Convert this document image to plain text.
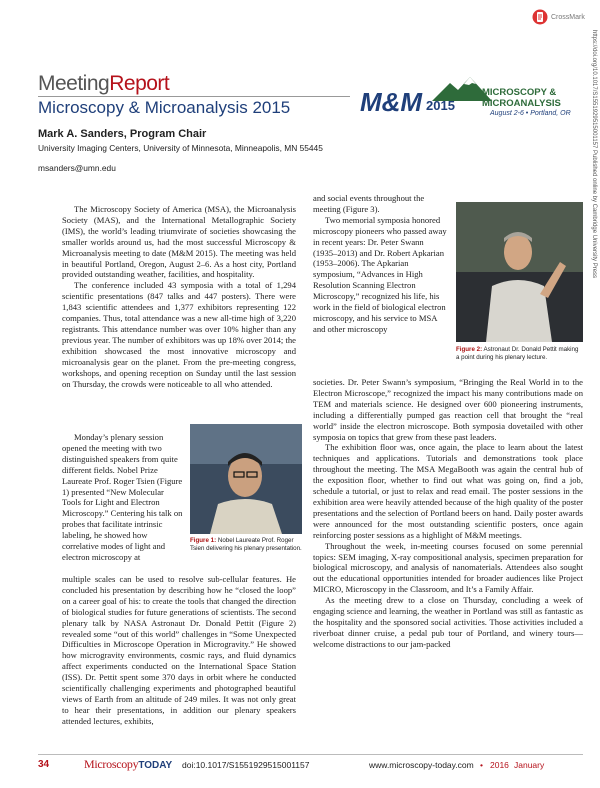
CrossMark
https://doi.org/10.1017/S1551929515001157 Published online by Cambridge University Press
MeetingReport
Microscopy & Microanalysis 2015	M&M 2015
MICROSCOPY &
MICROANALYSIS
August 2-6 • Portland, OR
Mark A. Sanders, Program Chair
University Imaging Centers, University of Minnesota, Minneapolis, MN 55445
msanders@umn.edu

The Microscopy Society of America (MSA), the Microanalysis Society (MAS), and the International Metallographic Society (IMS), the world’s leading triumvirate of societies showcasing the smaller worlds around us, had the most successful Microscopy & Microanalysis meeting to date (M&M 2015). The meeting was held in beautiful Portland, Oregon, August 2–6. As a host city, Portland provided outstanding weather, facilities, and hospitality.

The conference included 43 symposia with a total of 1,294 scientific presentations (847 talks and 447 posters). There were 1,843 scientific attendees and 1,377 exhibitors representing 122 companies. Thus, total attendance was a new all-time high of 3,220 registrants. This attendance number was over 10% higher than any previous year. The number of exhibitors was up 18% over 2014; the exhibition showcased the most innovative microscopy and microanalysis gear on the planet. From the pre-meeting congress, workshops, and opening reception on Sunday until the last session on Thursday, the crowds were noticeable to all who attended.

Monday’s plenary session opened the meeting with two distinguished speakers from quite different fields. Nobel Prize Laureate Prof. Roger Tsien (Figure 1) presented “New Molecular Tools for Light and Electron Microscopy.” Centering his talk on probes that facilitate intrinsic labeling, he showed how correlative modes of light and electron microscopy at

Figure 1: Nobel Laureate Prof. Roger Tsien delivering his plenary presentation.

multiple scales can be used to resolve sub-cellular features. He concluded his presentation by describing how he “closed the loop” on a career goal of his: to create the tools that changed the direction of biological studies for future generations of scientists. The second plenary talk by NASA Astronaut Dr. Donald Pettit (Figure 2) revealed some “out of this world” challenges in “Some Unexpected Difficulties in Microscope Operation in Microgravity.” He showed how microgravity environments, cosmic rays, and fluid dynamics affect experiments conducted on the International Space Station (ISS). Dr. Pettit spent some 370 days in orbit where he conducted scientifically challenging experiments and photographed beautiful views of Earth from an altitude of 249 miles. It was not only great to hear their presentations, in addition our plenary speakers attended lectures, exhibits,

and social events throughout the meeting (Figure 3).

Two memorial symposia honored microscopy pioneers who passed away in recent years: Dr. Peter Swann (1935–2013) and Dr. Robert Apkarian (1953–2006). The Apkarian symposium, “Advances in High Resolution Scanning Electron Microscopy,” recognized his life, his work in the field of biological electron microscopy, and his service to MSA and other microscopy

Figure 2: Astronaut Dr. Donald Pettit making a point during his plenary lecture.

societies. Dr. Peter Swann’s symposium, “Bringing the Real World in to the Electron Microscope,” recognized the impact his many contributions made on TEM and materials science. He designed over 600 pioneering instruments, including a differentially pumped gas reaction cell that brought the “real world” inside the electron microscope. Both symposia dovetailed with other symposia on topics that grew from these past leaders.

The exhibition floor was, once again, the place to learn about the latest techniques and applications. Tutorials and demonstrations took place throughout the meeting. The MSA MegaBooth was again the central hub of the exposition floor, whether to find out what was going on, find a job, schedule a tutorial, or just to relax and read email. The poster sessions in the exhibition area were heavily attended because of the high quality of the poster presentations and the selection of Portland beers on hand. Daily poster awards were announced for the most outstanding scientific posters, once again reinforcing poster sessions as a highlight of M&M meetings.

Throughout the week, in-meeting courses focused on some perennial topics: SEM imaging, X-ray compositional analysis, specimen preparation for biological microscopy, and analysis of nanomaterials. Attendees also sought out the educational opportunities intended for broader audiences like Project MICRO, Microscopy in the Classroom, and It’s a Family Affair.

As the meeting drew to a close on Thursday, concluding a week of engaging science and learning, the weather in Portland was still as fantastic as the hospitality and the sponsored social activities. Those activities included a riverboat dinner cruise, a pedal pub tour of Portland, and winery tours—welcome distractions to our jam-packed

34	MicroscopyTODAY doi:10.1017/S1551929515001157	www.microscopy-today.com • 2016 January
